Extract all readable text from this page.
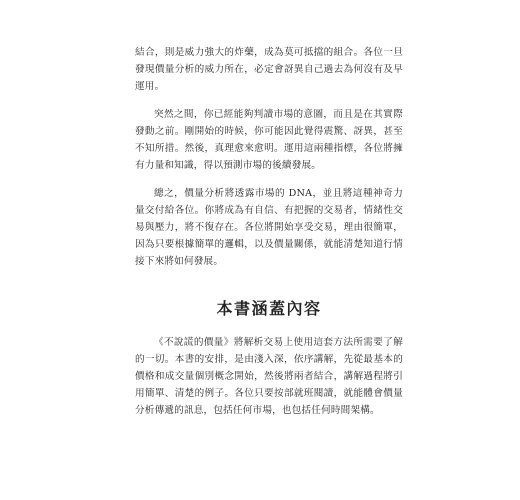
結合，則是威力強大的炸藥，成為莫可抵擋的組合。各位一旦發現價量分析的威力所在，必定會訝異自己過去為何沒有及早運用。

突然之間，你已經能夠判讀市場的意圖，而且是在其實際發動之前。剛開始的時候，你可能因此覺得震驚、訝異，甚至不知所措。然後，真理愈來愈明。運用這兩種指標，各位將擁有力量和知識，得以預測市場的後續發展。

總之，價量分析將透露市場的 DNA，並且將這種神奇力量交付給各位。你將成為有自信、有把握的交易者，情緒性交易與壓力，將不復存在。各位將開始享受交易，理由很簡單，因為只要根據簡單的邏輯，以及價量關係，就能清楚知道行情接下來將如何發展。

本書涵蓋內容

《不說謊的價量》將解析交易上使用這套方法所需要了解的一切。本書的安排，是由淺入深，依序講解，先從最基本的價格和成交量個別概念開始，然後將兩者結合，講解過程將引用簡單、清楚的例子。各位只要按部就班閱讀，就能體會價量分析傳遞的訊息，包括任何市場，也包括任何時間架構。
